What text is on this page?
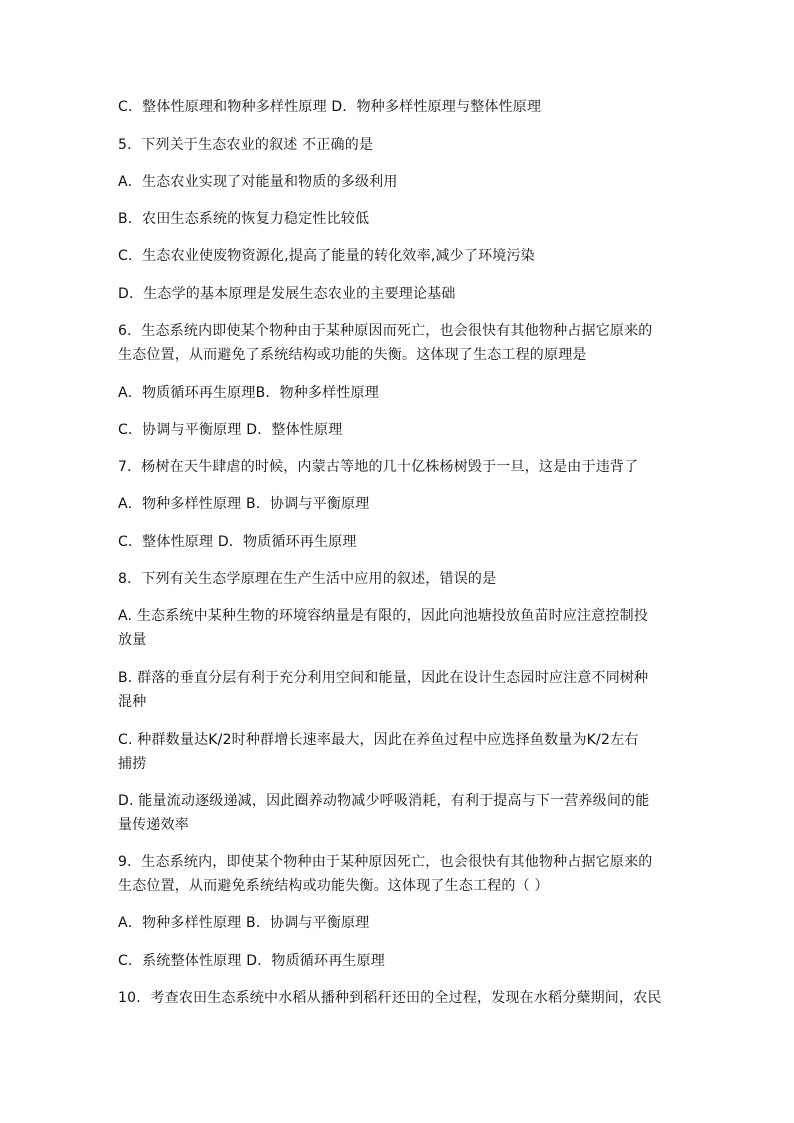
C．整体性原理和物种多样性原理 D．物种多样性原理与整体性原理
5．下列关于生态农业的叙述 不正确的是
A．生态农业实现了对能量和物质的多级利用
B．农田生态系统的恢复力稳定性比较低
C．生态农业使废物资源化,提高了能量的转化效率,减少了环境污染
D．生态学的基本原理是发展生态农业的主要理论基础
6．生态系统内即使某个物种由于某种原因而死亡，也会很快有其他物种占据它原来的
生态位置，从而避免了系统结构或功能的失衡。这体现了生态工程的原理是
A．物质循环再生原理B．物种多样性原理
C．协调与平衡原理 D．整体性原理
7．杨树在天牛肆虐的时候，内蒙古等地的几十亿株杨树毁于一旦，这是由于违背了
A．物种多样性原理 B．协调与平衡原理
C．整体性原理 D．物质循环再生原理
8．下列有关生态学原理在生产生活中应用的叙述，错误的是
A. 生态系统中某种生物的环境容纳量是有限的，因此向池塘投放鱼苗时应注意控制投
放量
B. 群落的垂直分层有利于充分利用空间和能量，因此在设计生态园时应注意不同树种
混种
C. 种群数量达K/2时种群增长速率最大，因此在养鱼过程中应选择鱼数量为K/2左右
捕捞
D. 能量流动逐级递减，因此圈养动物减少呼吸消耗，有利于提高与下一营养级间的能
量传递效率
9．生态系统内，即使某个物种由于某种原因死亡，也会很快有其他物种占据它原来的
生态位置，从而避免系统结构或功能失衡。这体现了生态工程的（ ）
A．物种多样性原理 B．协调与平衡原理
C．系统整体性原理 D．物质循环再生原理
10．考查农田生态系统中水稻从播种到稻秆还田的全过程，发现在水稻分蘖期间，农民
